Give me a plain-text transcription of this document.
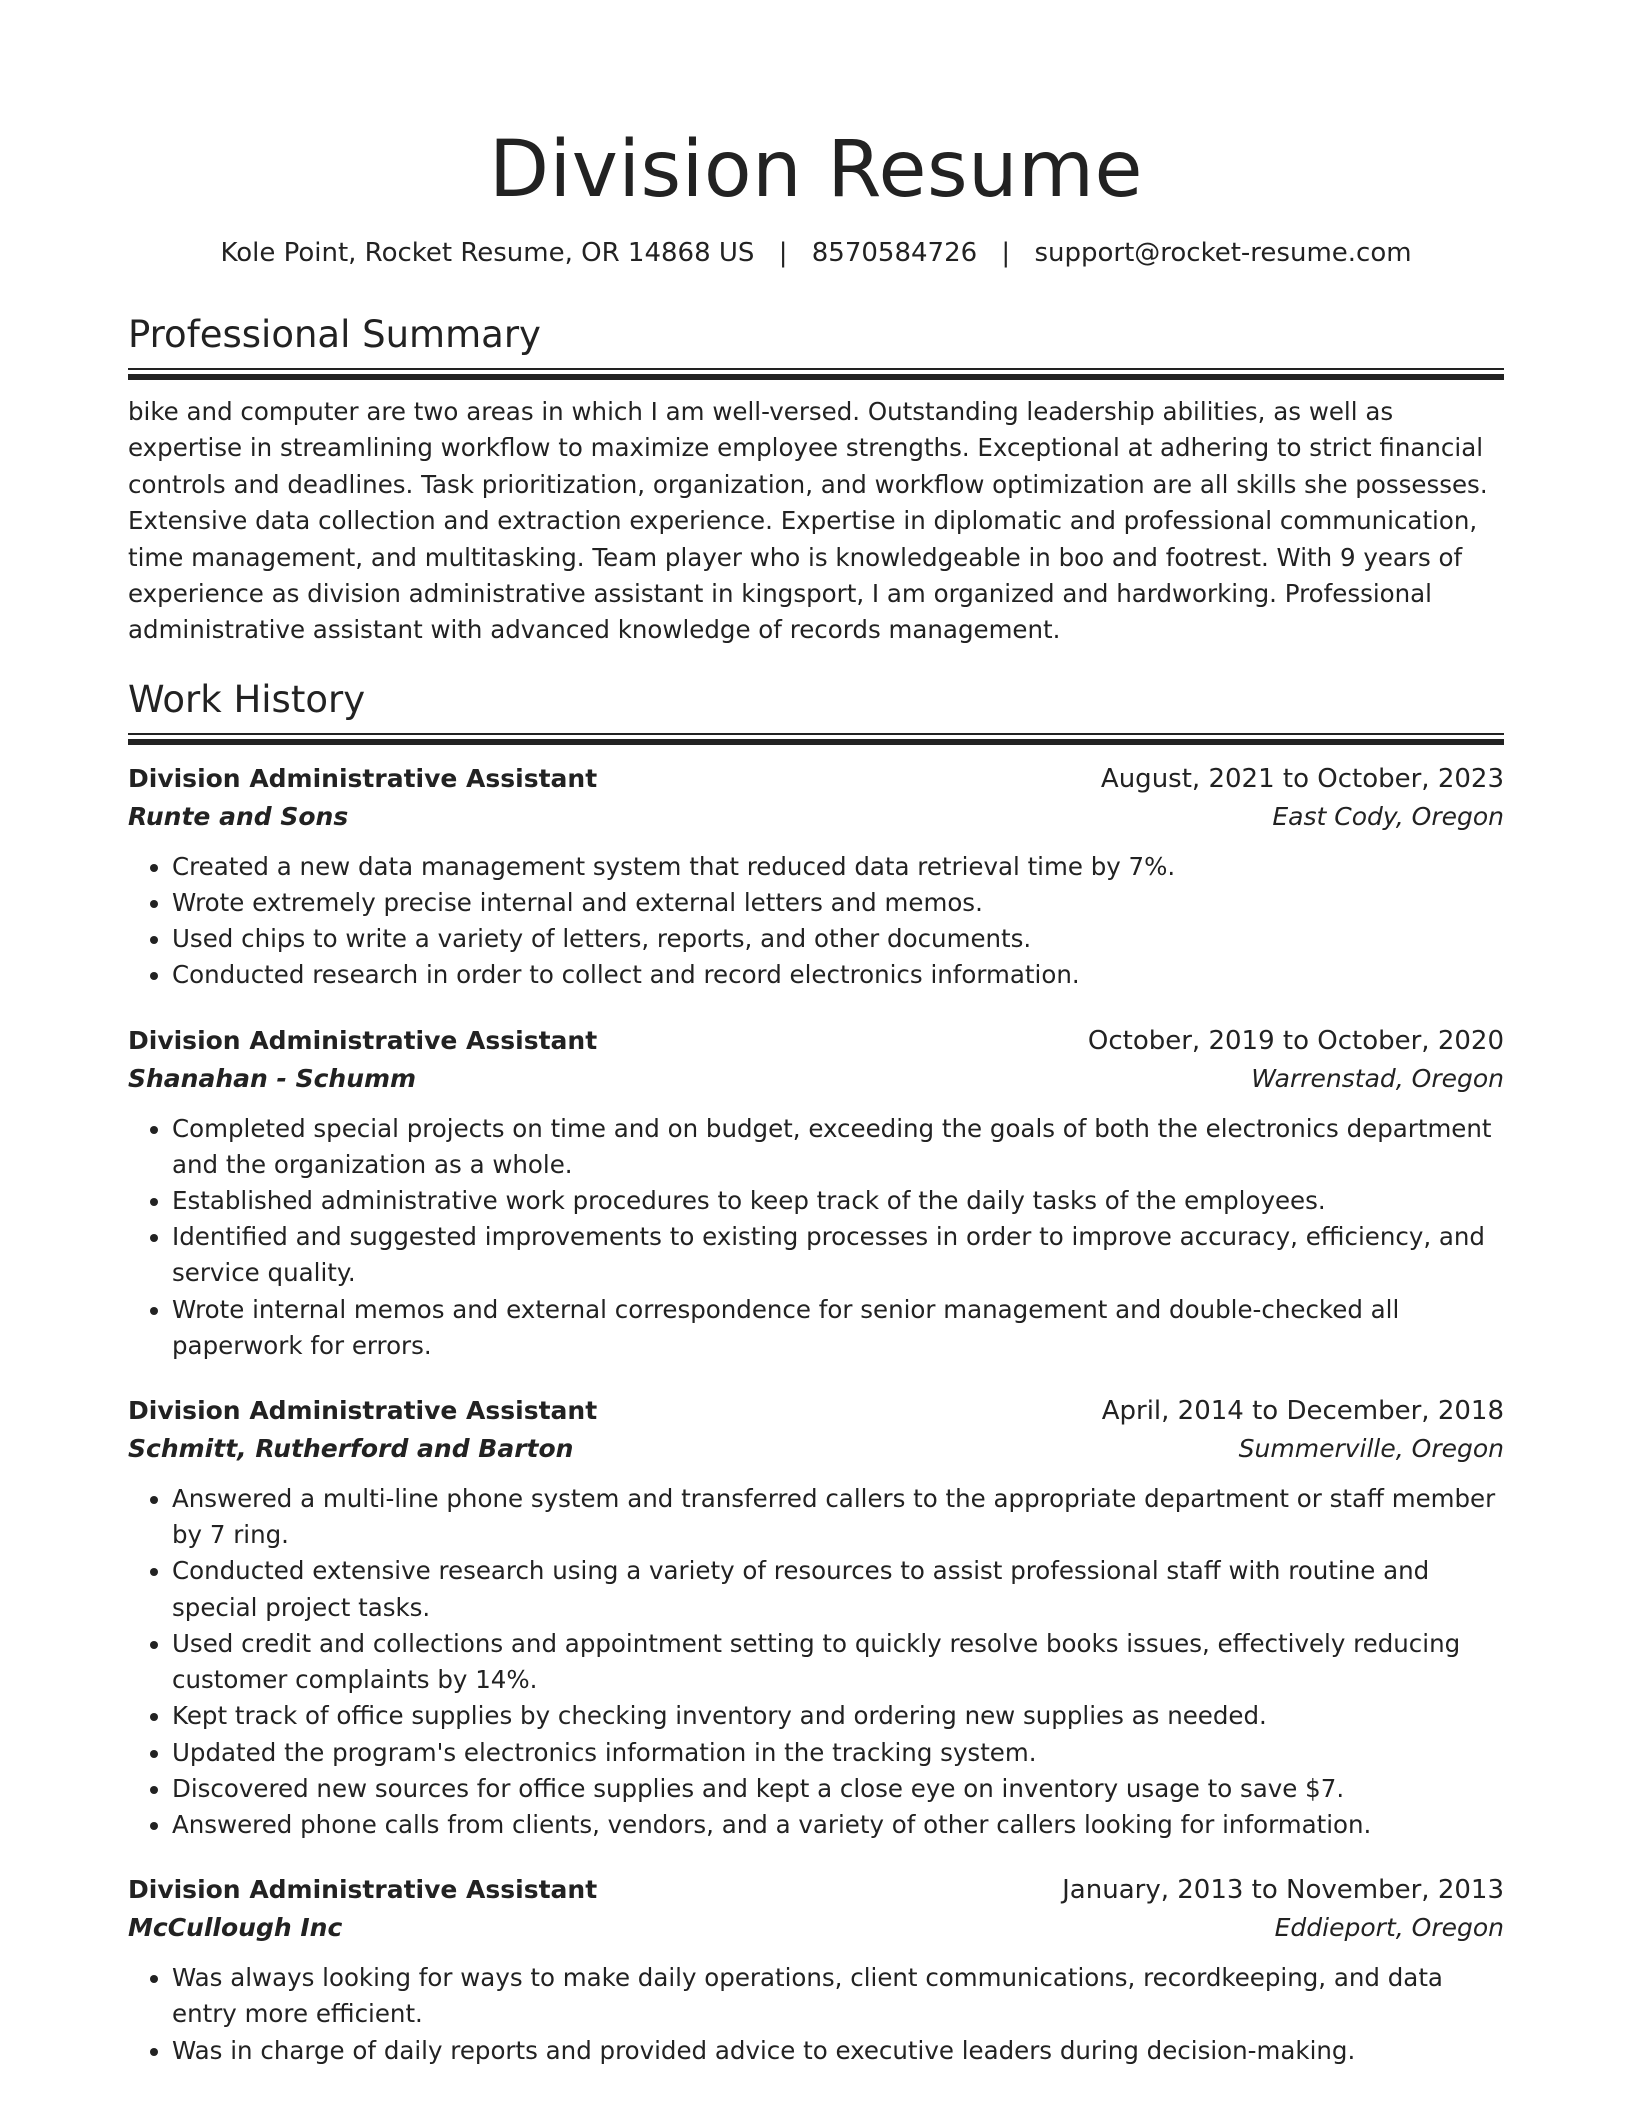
Division Resume
Kole Point, Rocket Resume, OR 14868 US | 8570584726 | support@rocket-resume.com
Professional Summary
bike and computer are two areas in which I am well-versed. Outstanding leadership abilities, as well as expertise in streamlining workflow to maximize employee strengths. Exceptional at adhering to strict financial controls and deadlines. Task prioritization, organization, and workflow optimization are all skills she possesses. Extensive data collection and extraction experience. Expertise in diplomatic and professional communication, time management, and multitasking. Team player who is knowledgeable in boo and footrest. With 9 years of experience as division administrative assistant in kingsport, I am organized and hardworking. Professional administrative assistant with advanced knowledge of records management.
Work History
Division Administrative Assistant	August, 2021 to October, 2023
Runte and Sons	East Cody, Oregon
• Created a new data management system that reduced data retrieval time by 7%.
• Wrote extremely precise internal and external letters and memos.
• Used chips to write a variety of letters, reports, and other documents.
• Conducted research in order to collect and record electronics information.
Division Administrative Assistant	October, 2019 to October, 2020
Shanahan - Schumm	Warrenstad, Oregon
• Completed special projects on time and on budget, exceeding the goals of both the electronics department and the organization as a whole.
• Established administrative work procedures to keep track of the daily tasks of the employees.
• Identified and suggested improvements to existing processes in order to improve accuracy, efficiency, and service quality.
• Wrote internal memos and external correspondence for senior management and double-checked all paperwork for errors.
Division Administrative Assistant	April, 2014 to December, 2018
Schmitt, Rutherford and Barton	Summerville, Oregon
• Answered a multi-line phone system and transferred callers to the appropriate department or staff member by 7 ring.
• Conducted extensive research using a variety of resources to assist professional staff with routine and special project tasks.
• Used credit and collections and appointment setting to quickly resolve books issues, effectively reducing customer complaints by 14%.
• Kept track of office supplies by checking inventory and ordering new supplies as needed.
• Updated the program's electronics information in the tracking system.
• Discovered new sources for office supplies and kept a close eye on inventory usage to save $7.
• Answered phone calls from clients, vendors, and a variety of other callers looking for information.
Division Administrative Assistant	January, 2013 to November, 2013
McCullough Inc	Eddieport, Oregon
• Was always looking for ways to make daily operations, client communications, recordkeeping, and data entry more efficient.
• Was in charge of daily reports and provided advice to executive leaders during decision-making.
